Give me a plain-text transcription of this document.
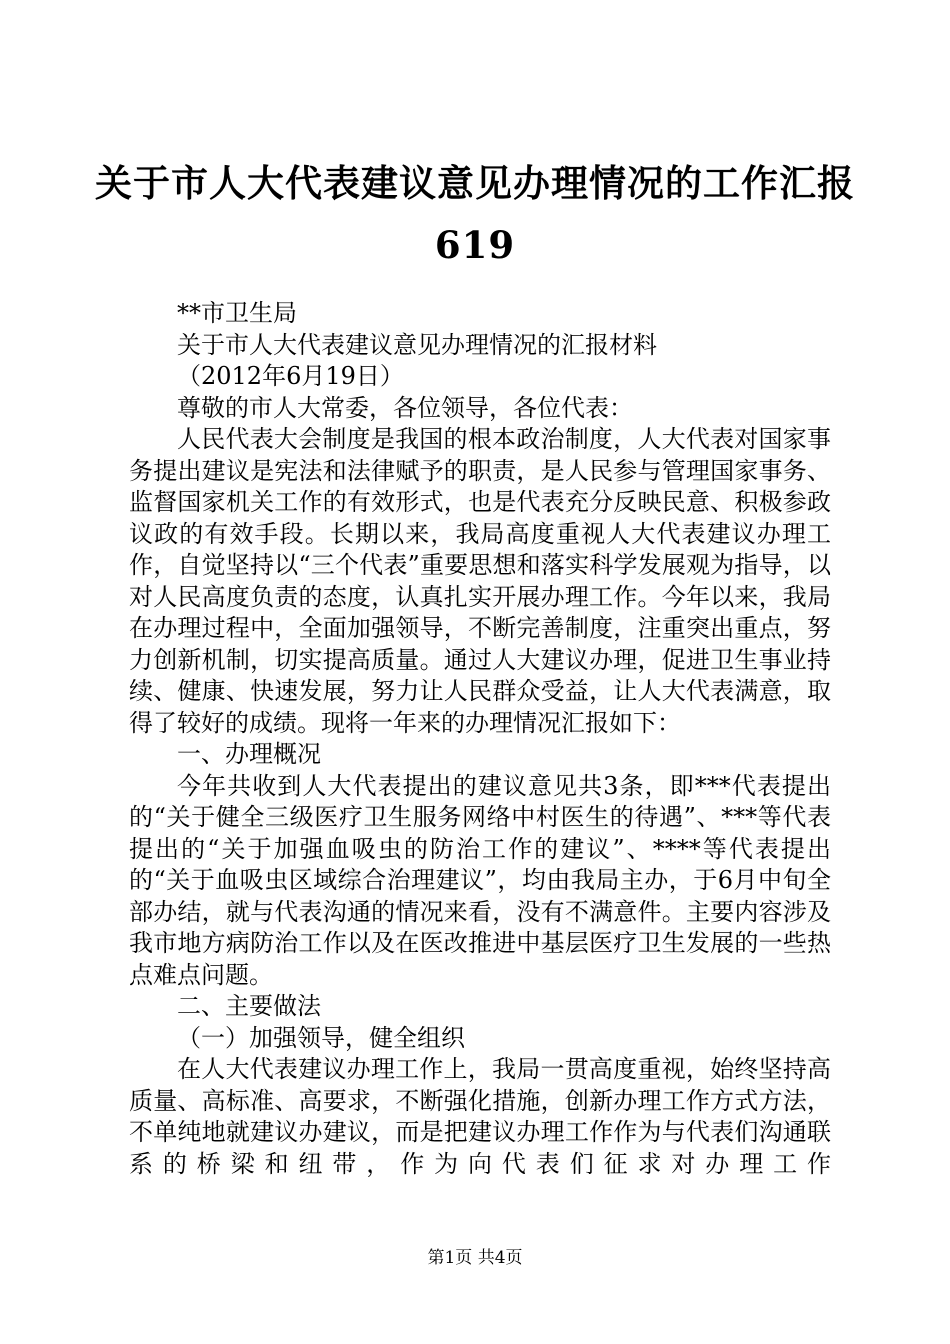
关于市人大代表建议意见办理情况的工作汇报
619

**市卫生局

关于市人大代表建议意见办理情况的汇报材料

（2012年6月19日）

尊敬的市人大常委，各位领导，各位代表：

人民代表大会制度是我国的根本政治制度，人大代表对国家事务提出建议是宪法和法律赋予的职责，是人民参与管理国家事务、监督国家机关工作的有效形式，也是代表充分反映民意、积极参政议政的有效手段。长期以来，我局高度重视人大代表建议办理工作，自觉坚持以“三个代表”重要思想和落实科学发展观为指导，以对人民高度负责的态度，认真扎实开展办理工作。今年以来，我局在办理过程中，全面加强领导，不断完善制度，注重突出重点，努力创新机制，切实提高质量。通过人大建议办理，促进卫生事业持续、健康、快速发展，努力让人民群众受益，让人大代表满意，取得了较好的成绩。现将一年来的办理情况汇报如下：

一、办理概况

今年共收到人大代表提出的建议意见共3条，即***代表提出的“关于健全三级医疗卫生服务网络中村医生的待遇”、***等代表提出的“关于加强血吸虫的防治工作的建议”、****等代表提出的“关于血吸虫区域综合治理建议”，均由我局主办，于6月中旬全部办结，就与代表沟通的情况来看，没有不满意件。主要内容涉及我市地方病防治工作以及在医改推进中基层医疗卫生发展的一些热点难点问题。

二、主要做法

（一）加强领导，健全组织

在人大代表建议办理工作上，我局一贯高度重视，始终坚持高质量、高标准、高要求，不断强化措施，创新办理工作方式方法，不单纯地就建议办建议，而是把建议办理工作作为与代表们沟通联系的桥梁和纽带，作为向代表们征求对办理工作

第1页 共4页
